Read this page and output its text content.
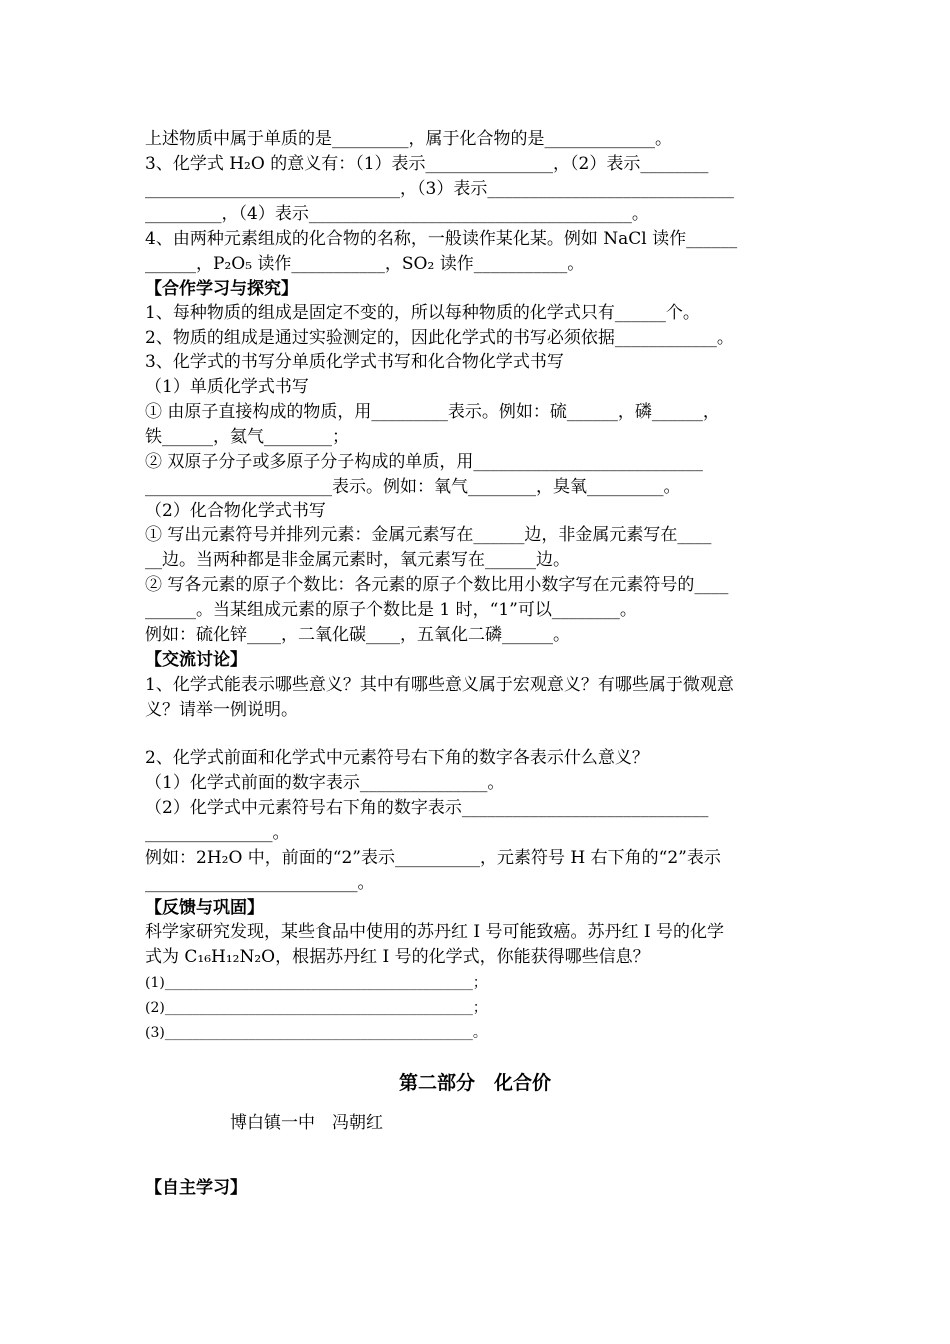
上述物质中属于单质的是_________，属于化合物的是_____________。
3、化学式 H₂O 的意义有：（1）表示_______________，（2）表示________
______________________________，（3）表示_____________________________
_________，（4）表示______________________________________。
4、由两种元素组成的化合物的名称，一般读作某化某。例如 NaCl 读作______
______，P₂O₅ 读作___________，SO₂ 读作___________。
【合作学习与探究】
1、每种物质的组成是固定不变的，所以每种物质的化学式只有______个。
2、物质的组成是通过实验测定的，因此化学式的书写必须依据____________。
3、化学式的书写分单质化学式书写和化合物化学式书写
（1）单质化学式书写
① 由原子直接构成的物质，用_________表示。例如：硫______，磷______，
铁______，氦气________；
② 双原子分子或多原子分子构成的单质，用___________________________
______________________表示。例如：氧气________，臭氧_________。
（2）化合物化学式书写
① 写出元素符号并排列元素：金属元素写在______边，非金属元素写在____
__边。当两种都是非金属元素时，氧元素写在______边。
② 写各元素的原子个数比：各元素的原子个数比用小数字写在元素符号的____
______。当某组成元素的原子个数比是 1 时，“1”可以________。
例如：硫化锌____，二氧化碳____，五氧化二磷______。
【交流讨论】
1、化学式能表示哪些意义？其中有哪些意义属于宏观意义？有哪些属于微观意
义？请举一例说明。
2、化学式前面和化学式中元素符号右下角的数字各表示什么意义？
（1）化学式前面的数字表示_______________。
（2）化学式中元素符号右下角的数字表示_____________________________
_______________。
例如：2H₂O 中，前面的“2”表示__________，元素符号 H 右下角的“2”表示
_________________________。
【反馈与巩固】
科学家研究发现，某些食品中使用的苏丹红 I 号可能致癌。苏丹红 I 号的化学
式为 C₁₆H₁₂N₂O，根据苏丹红 I 号的化学式，你能获得哪些信息？
(1)____________________________________________；
(2)____________________________________________；
(3)____________________________________________。
第二部分　化合价
博白镇一中　冯朝红
【自主学习】
